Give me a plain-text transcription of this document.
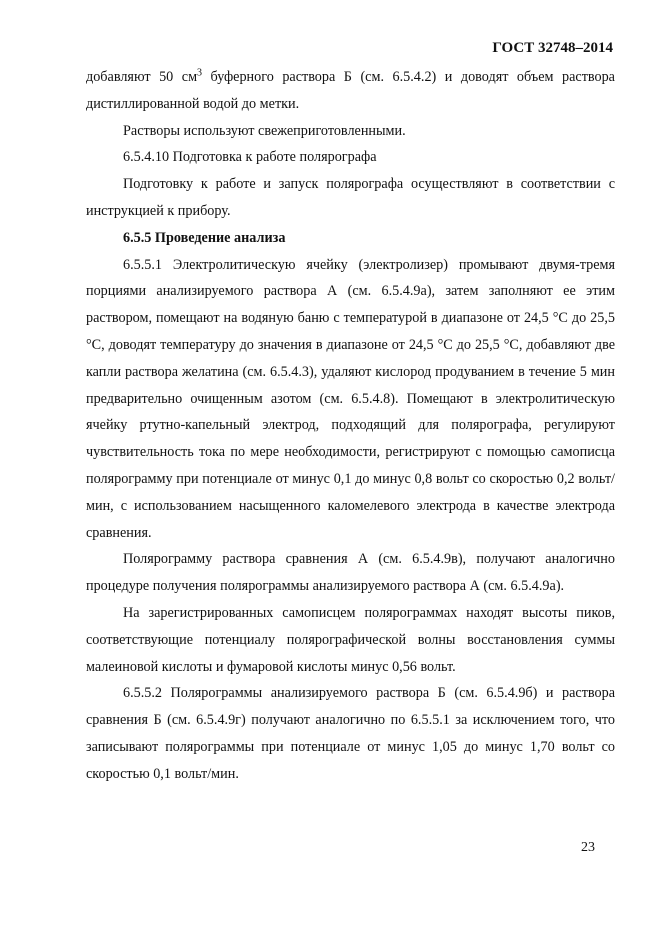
ГОСТ 32748–2014

добавляют 50 $см^3$ буферного раствора Б (см. 6.5.4.2) и доводят объем раствора дистиллированной водой до метки.

Растворы используют свежеприготовленными.

6.5.4.10 Подготовка к работе полярографа

Подготовку к работе и запуск полярографа осуществляют в соответствии с инструкцией к прибору.

6.5.5 Проведение анализа

6.5.5.1 Электролитическую ячейку (электролизер) промывают двумя-тремя порциями анализируемого раствора А (см. 6.5.4.9а), затем заполняют ее этим раствором, помещают на водяную баню с температурой в диапазоне от 24,5 °С до 25,5 °С, доводят температуру до значения в диапазоне от 24,5 °С до 25,5 °С, добавляют две капли раствора желатина (см. 6.5.4.3), удаляют кислород продуванием в течение 5 мин предварительно очищенным азотом (см. 6.5.4.8). Помещают в электролитическую ячейку ртутно-капельный электрод, подходящий для полярографа, регулируют чувствительность тока по мере необходимости, регистрируют с помощью самописца полярограмму при потенциале от минус 0,1 до минус 0,8 вольт со скоростью 0,2 вольт/мин, с использованием насыщенного каломелевого электрода в качестве электрода сравнения.

Полярограмму раствора сравнения А (см. 6.5.4.9в), получают аналогично процедуре получения полярограммы анализируемого раствора А (см. 6.5.4.9а).

На зарегистрированных самописцем полярограммах находят высоты пиков, соответствующие потенциалу полярографической волны восстановления суммы малеиновой кислоты и фумаровой кислоты минус 0,56 вольт.

6.5.5.2 Полярограммы анализируемого раствора Б (см. 6.5.4.9б) и раствора сравнения Б (см. 6.5.4.9г) получают аналогично по 6.5.5.1 за исключением того, что записывают полярограммы при потенциале от минус 1,05 до минус 1,70 вольт со скоростью 0,1 вольт/мин.

23
